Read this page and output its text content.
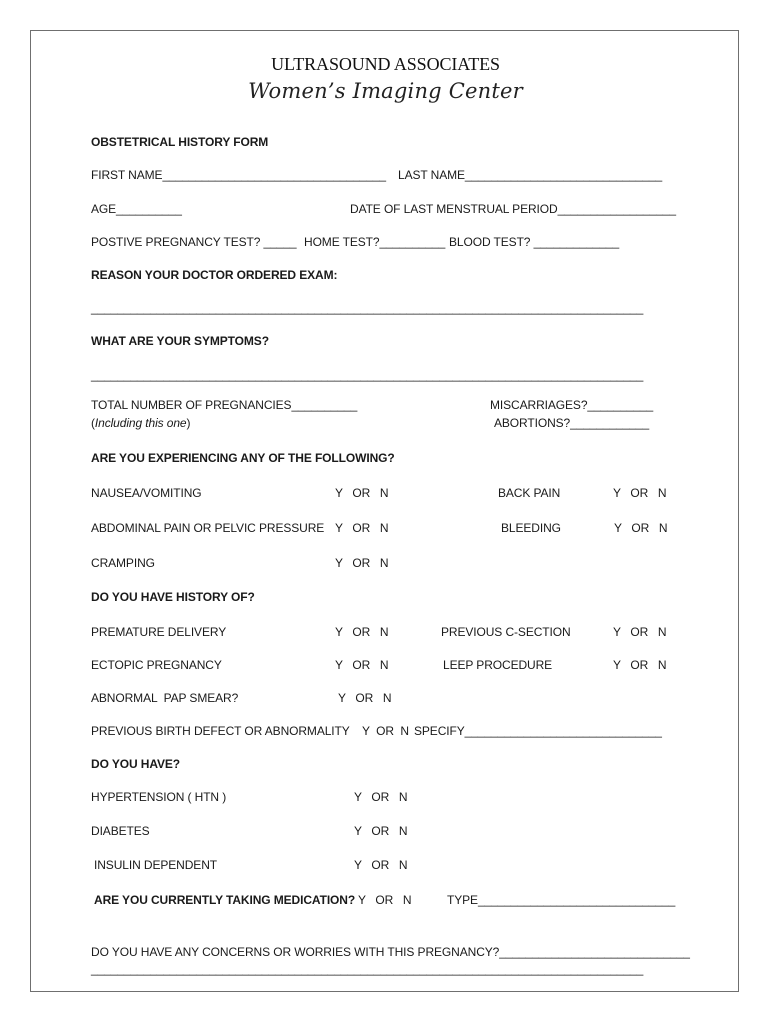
ULTRASOUND ASSOCIATES
Women’s Imaging Center
OBSTETRICAL HISTORY FORM
FIRST NAME__________________________________ LAST NAME______________________________
AGE__________	DATE OF LAST MENSTRUAL PERIOD__________________
POSTIVE PREGNANCY TEST? _____ HOME TEST?__________ BLOOD TEST? _____________
REASON YOUR DOCTOR ORDERED EXAM:
____________________________________________________________________________________
WHAT ARE YOUR SYMPTOMS?
____________________________________________________________________________________
TOTAL NUMBER OF PREGNANCIES__________
(Including this one)
MISCARRIAGES?__________
ABORTIONS?____________
ARE YOU EXPERIENCING ANY OF THE FOLLOWING?
NAUSEA/VOMITING	Y   OR   N	BACK PAIN	Y   OR   N
ABDOMINAL PAIN OR PELVIC PRESSURE Y   OR   N	BLEEDING	Y   OR   N
CRAMPING	Y   OR   N
DO YOU HAVE HISTORY OF?
PREMATURE DELIVERY	Y   OR   N	PREVIOUS C-SECTION	Y   OR   N
ECTOPIC PREGNANCY	Y   OR   N	LEEP PROCEDURE	Y   OR   N
ABNORMAL  PAP SMEAR?	Y   OR   N
PREVIOUS BIRTH DEFECT OR ABNORMALITY Y  OR  N SPECIFY______________________________
DO YOU HAVE?
HYPERTENSION ( HTN )	Y   OR   N
DIABETES	Y   OR   N
INSULIN DEPENDENT	Y   OR   N
ARE YOU CURRENTLY TAKING MEDICATION? Y   OR   N	TYPE______________________________
DO YOU HAVE ANY CONCERNS OR WORRIES WITH THIS PREGNANCY?_____________________________
____________________________________________________________________________________
